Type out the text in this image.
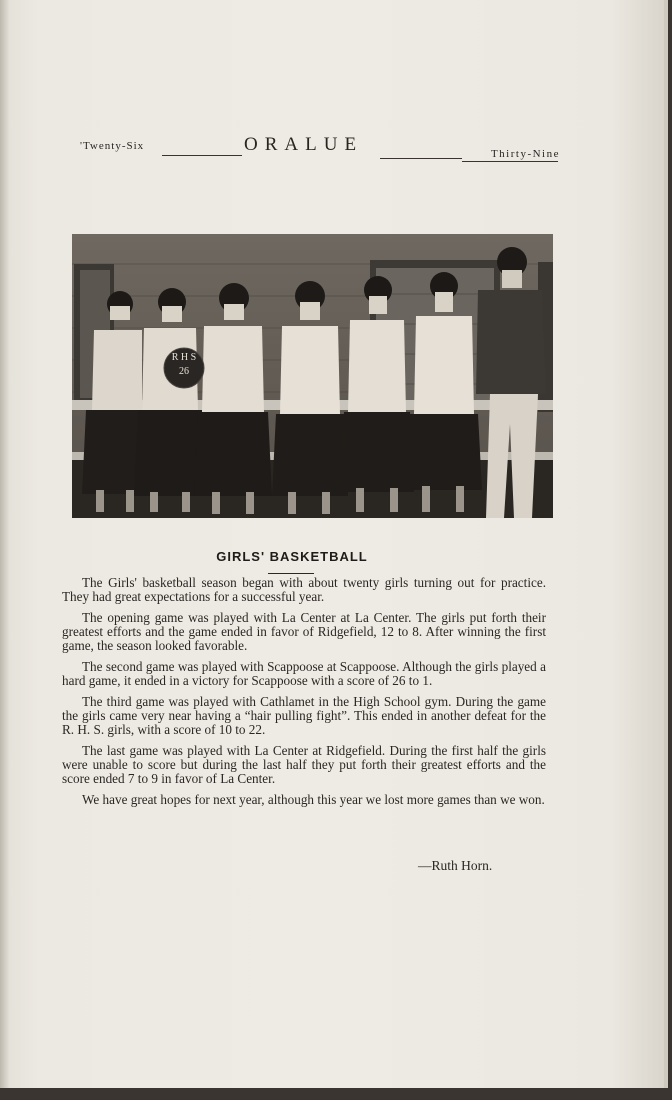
'Twenty-Six	ORALUE	Thirty-Nine
R H S
26
GIRLS' BASKETBALL

The Girls' basketball season began with about twenty girls turning out for practice. They had great expectations for a successful year.

The opening game was played with La Center at La Center. The girls put forth their greatest efforts and the game ended in favor of Ridgefield, 12 to 8. After winning the first game, the season looked favorable.

The second game was played with Scappoose at Scappoose. Although the girls played a hard game, it ended in a victory for Scappoose with a score of 26 to 1.

The third game was played with Cathlamet in the High School gym. During the game the girls came very near having a “hair pulling fight”. This ended in another defeat for the R. H. S. girls, with a score of 10 to 22.

The last game was played with La Center at Ridgefield. During the first half the girls were unable to score but during the last half they put forth their greatest efforts and the score ended 7 to 9 in favor of La Center.

We have great hopes for next year, although this year we lost more games than we won.

—Ruth Horn.
